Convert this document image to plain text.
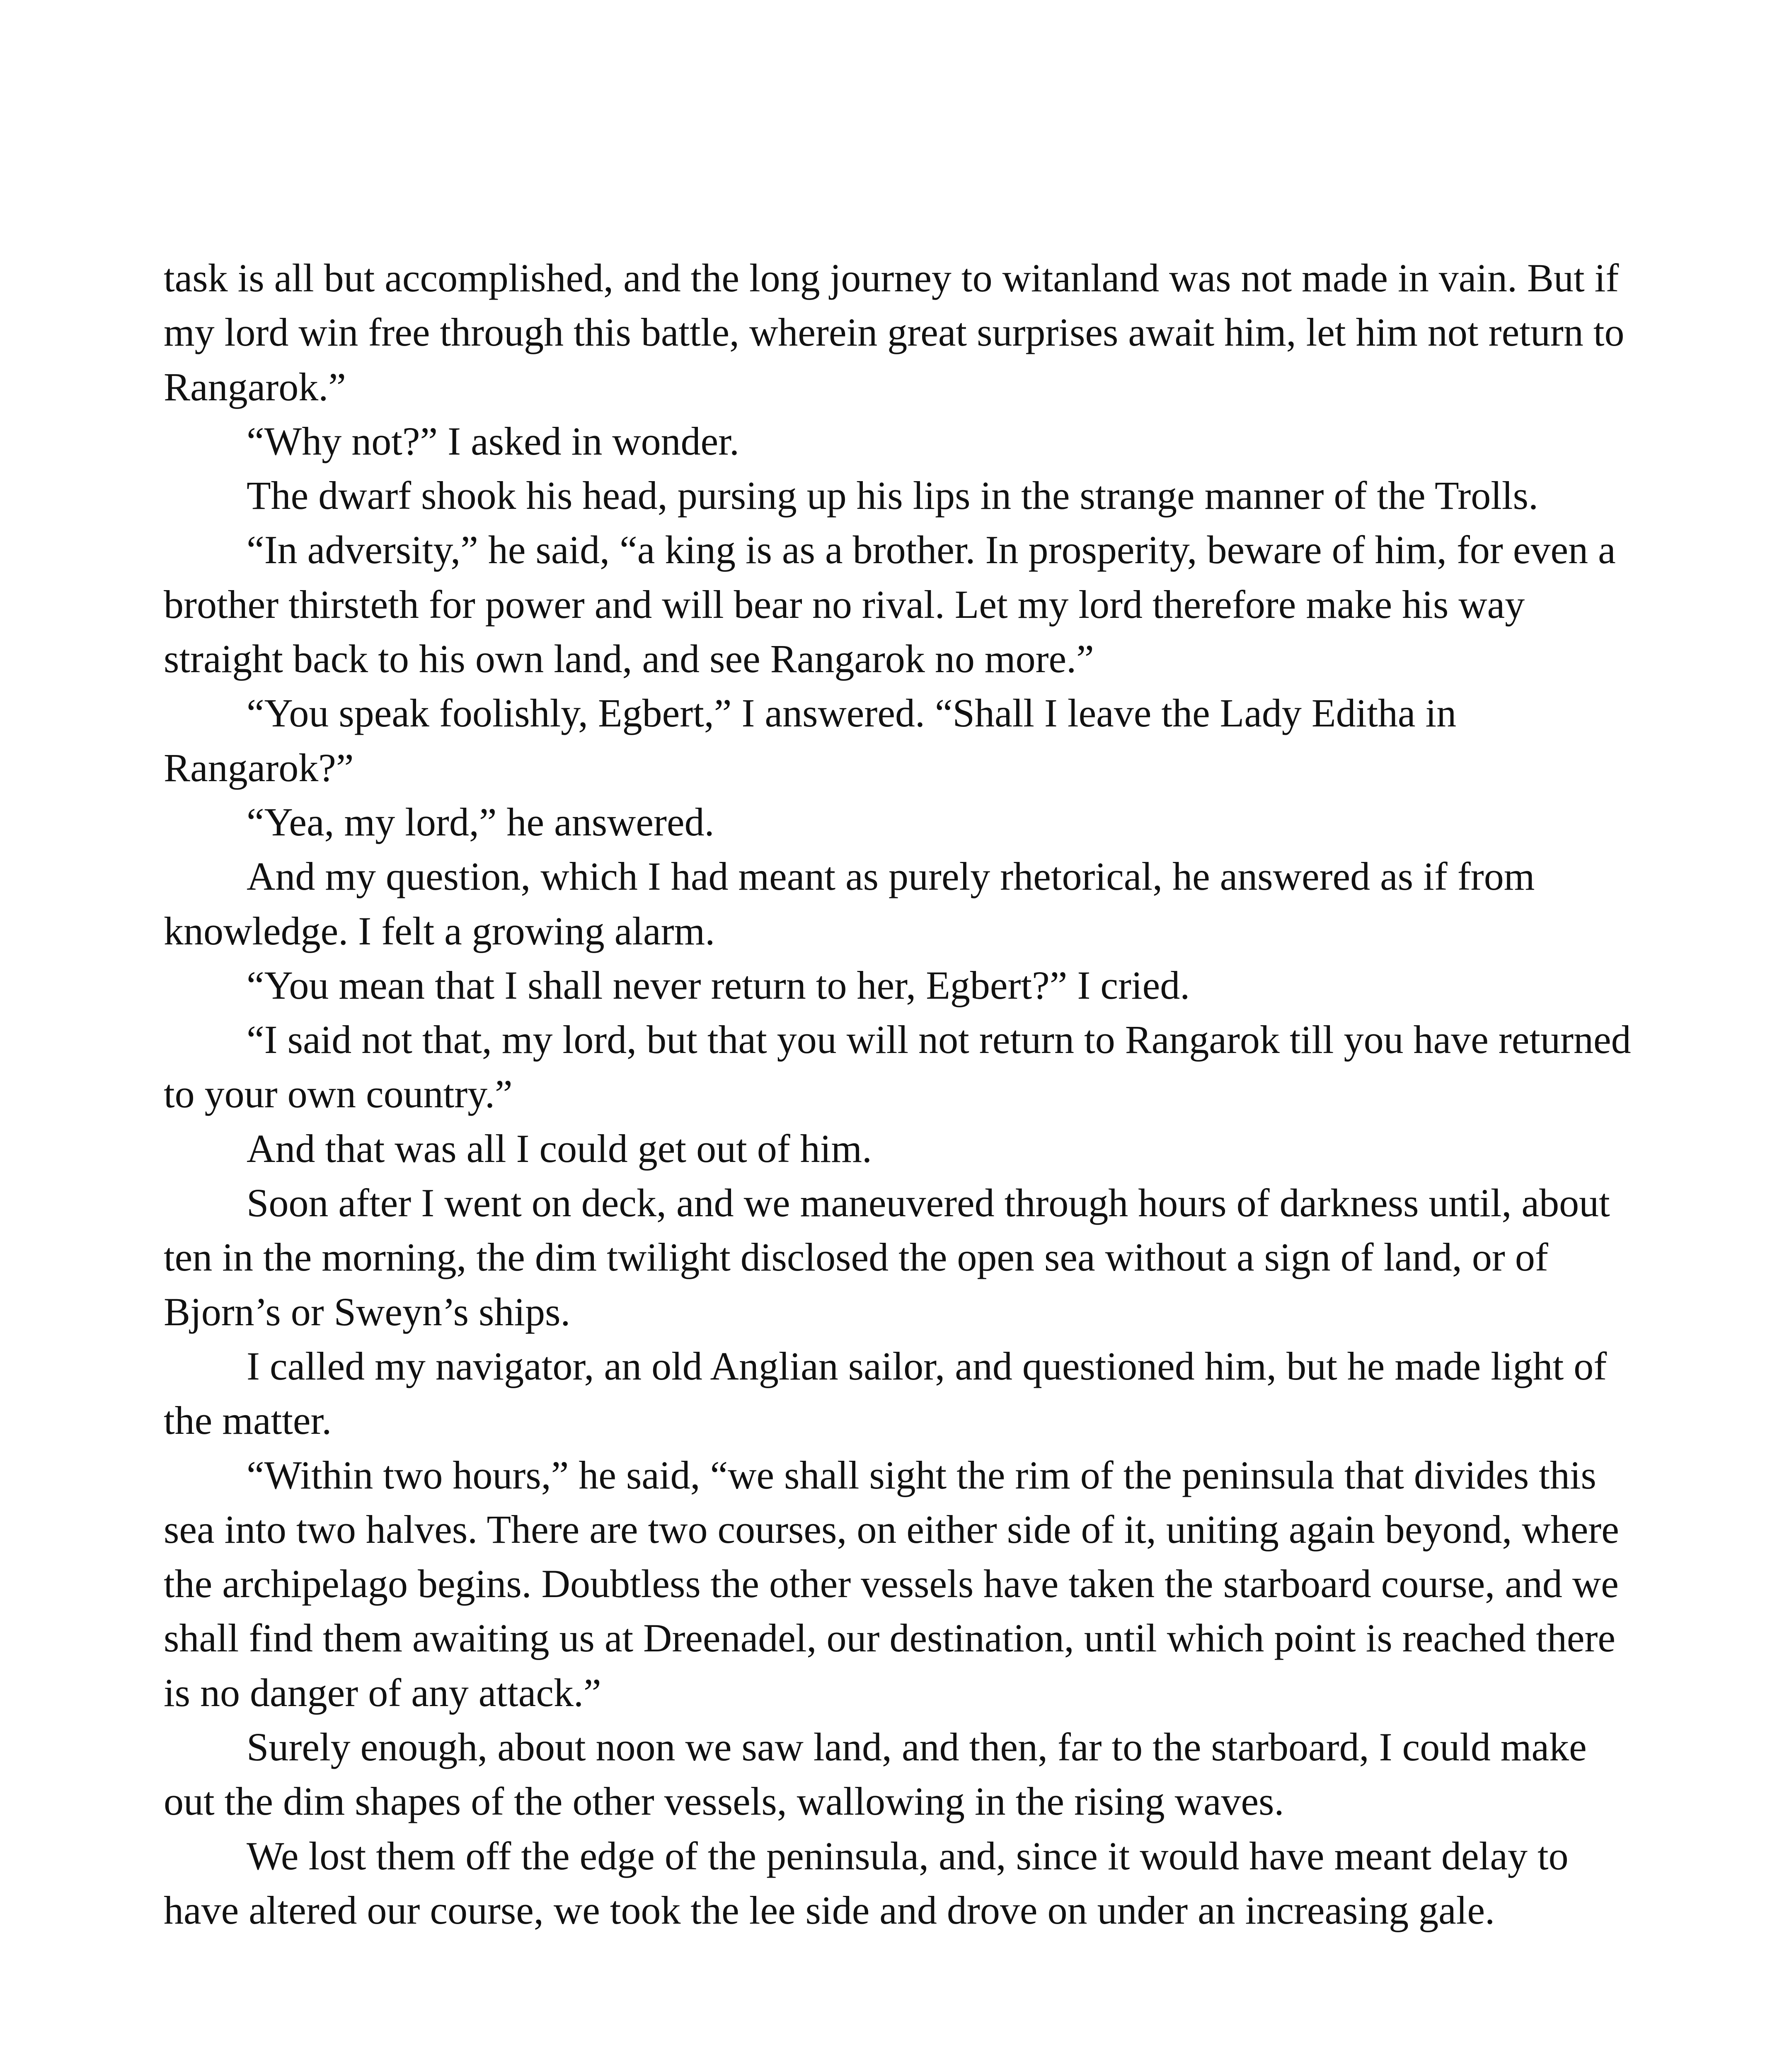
task is all but accomplished, and the long journey to witanland was not made in vain. But if my lord win free through this battle, wherein great surprises await him, let him not return to Rangarok.”

“Why not?” I asked in wonder.

The dwarf shook his head, pursing up his lips in the strange manner of the Trolls.

“In adversity,” he said, “a king is as a brother. In prosperity, beware of him, for even a brother thirsteth for power and will bear no rival. Let my lord therefore make his way straight back to his own land, and see Rangarok no more.”

“You speak foolishly, Egbert,” I answered. “Shall I leave the Lady Editha in Rangarok?”

“Yea, my lord,” he answered.

And my question, which I had meant as purely rhetorical, he answered as if from knowledge. I felt a growing alarm.

“You mean that I shall never return to her, Egbert?” I cried.

“I said not that, my lord, but that you will not return to Rangarok till you have returned to your own country.”

And that was all I could get out of him.

Soon after I went on deck, and we maneuvered through hours of darkness until, about ten in the morning, the dim twilight disclosed the open sea without a sign of land, or of Bjorn’s or Sweyn’s ships.

I called my navigator, an old Anglian sailor, and questioned him, but he made light of the matter.

“Within two hours,” he said, “we shall sight the rim of the peninsula that divides this sea into two halves. There are two courses, on either side of it, uniting again beyond, where the archipelago begins. Doubtless the other vessels have taken the starboard course, and we shall find them awaiting us at Dreenadel, our destination, until which point is reached there is no danger of any attack.”

Surely enough, about noon we saw land, and then, far to the starboard, I could make out the dim shapes of the other vessels, wallowing in the rising waves.

We lost them off the edge of the peninsula, and, since it would have meant delay to have altered our course, we took the lee side and drove on under an increasing gale.
